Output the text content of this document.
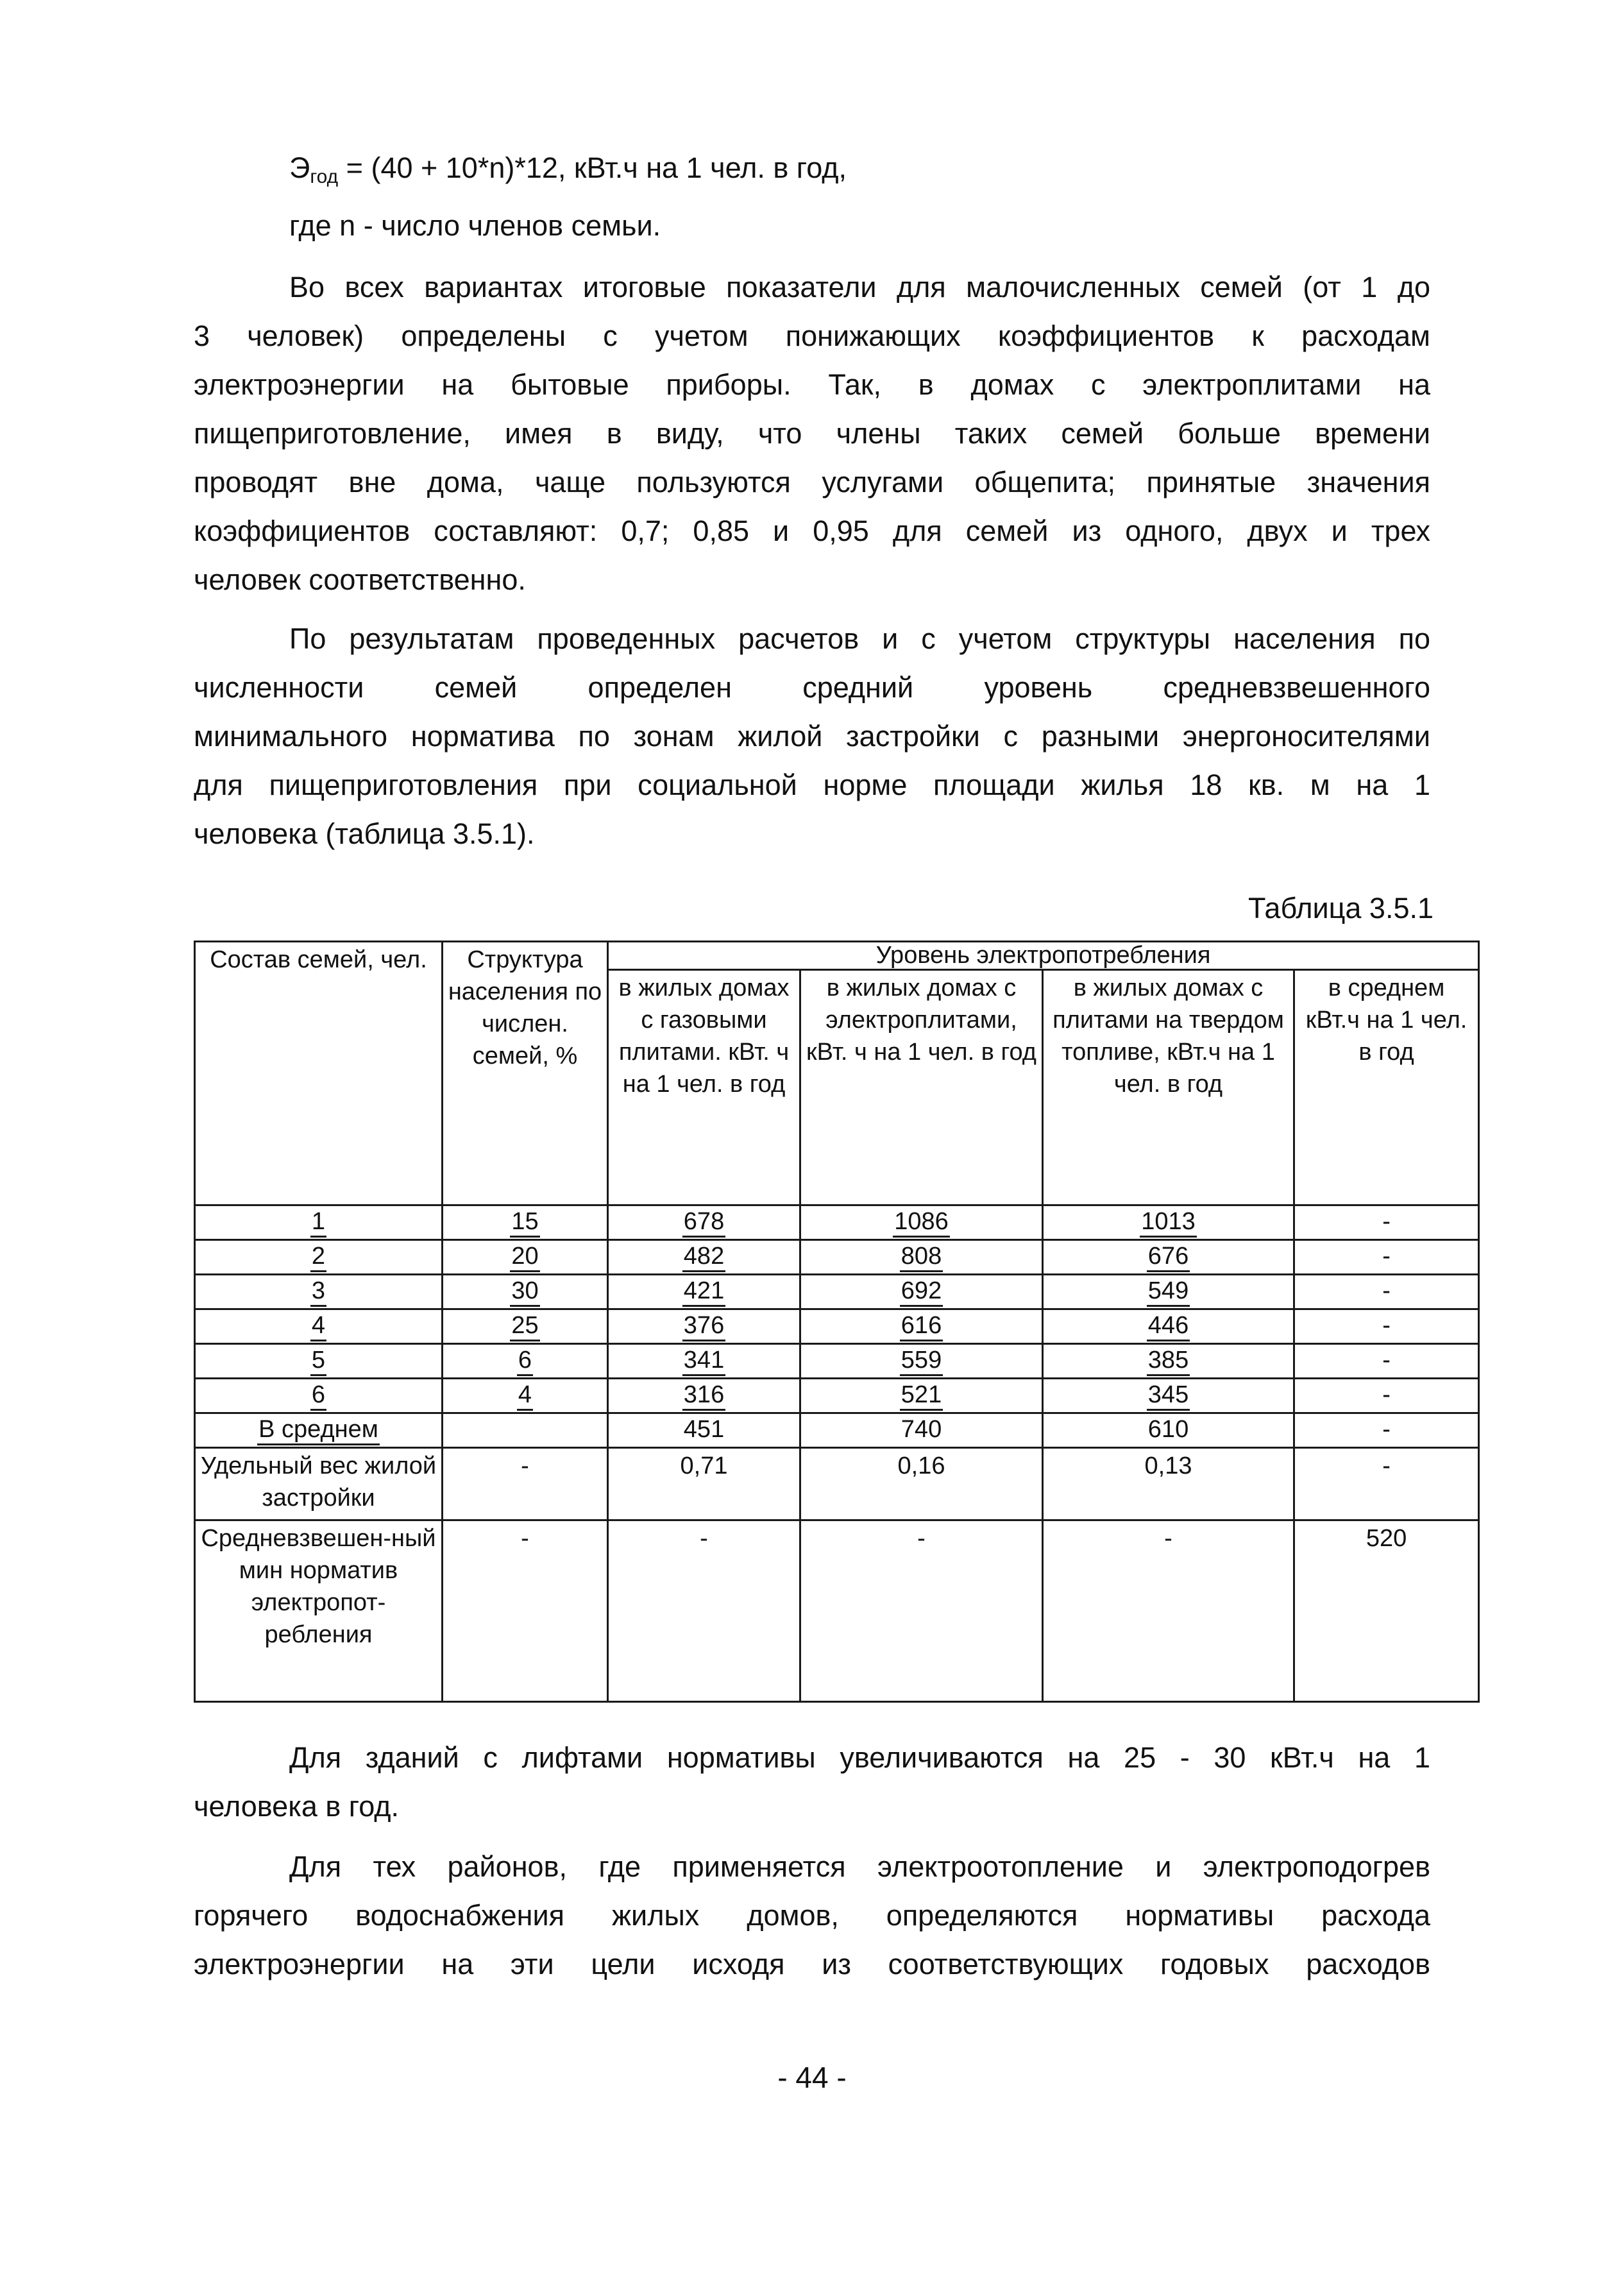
$Э_{год} = (40 + 10*n)*12$, кВт.ч на 1 чел. в год,
где n - число членов семьи.
Во всех вариантах итоговые показатели для малочисленных семей (от 1 до
3 человек) определены с учетом понижающих коэффициентов к расходам
электроэнергии на бытовые приборы. Так, в домах с электроплитами на
пищеприготовление, имея в виду, что члены таких семей больше времени
проводят вне дома, чаще пользуются услугами общепита; принятые значения
коэффициентов составляют: 0,7; 0,85 и 0,95 для семей из одного, двух и трех
человек соответственно.
По результатам проведенных расчетов и с учетом структуры населения по
численности семей определен средний уровень средневзвешенного
минимального норматива по зонам жилой застройки с разными энергоносителями
для пищеприготовления при социальной норме площади жилья 18 кв. м на 1
человека (таблица 3.5.1).
Таблица 3.5.1
Состав семей, чел.	Структура населения по числен. семей, %	Уровень электропотребления			
		в жилых домах с газовыми плитами. кВт. ч на 1 чел. в год	в жилых домах с электроплитами, кВт. ч на 1 чел. в год	в жилых домах с плитами на твердом топливе, кВт.ч на 1 чел. в год	в среднем кВт.ч на 1 чел. в год
1	15	678	1086	1013	-
2	20	482	808	676	-
3	30	421	692	549	-
4	25	376	616	446	-
5	6	341	559	385	-
6	4	316	521	345	-
В среднем		451	740	610	-
Удельный вес жилой застройки	-	0,71	0,16	0,13	-
Средневзвешен-ный мин норматив электропот-ребления	-	-	-	-	520
Для зданий с лифтами нормативы увеличиваются на 25 - 30 кВт.ч на 1
человека в год.
Для тех районов, где применяется электроотопление и электроподогрев
горячего водоснабжения жилых домов, определяются нормативы расхода
электроэнергии на эти цели исходя из соответствующих годовых расходов
- 44 -
